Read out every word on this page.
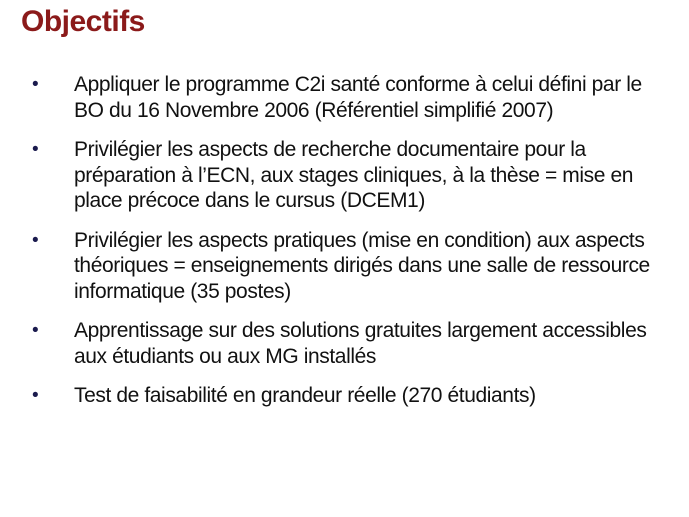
Objectifs
• Appliquer le programme C2i santé conforme à celui défini par le BO du 16 Novembre 2006 (Référentiel simplifié 2007)
• Privilégier les aspects de recherche documentaire pour la préparation à l’ECN, aux stages cliniques, à la thèse = mise en place précoce dans le cursus (DCEM1)
• Privilégier les aspects pratiques (mise en condition) aux aspects théoriques = enseignements dirigés dans une salle de ressource informatique (35 postes)
• Apprentissage sur des solutions gratuites largement accessibles aux étudiants ou aux MG installés
• Test de faisabilité en grandeur réelle (270 étudiants)
